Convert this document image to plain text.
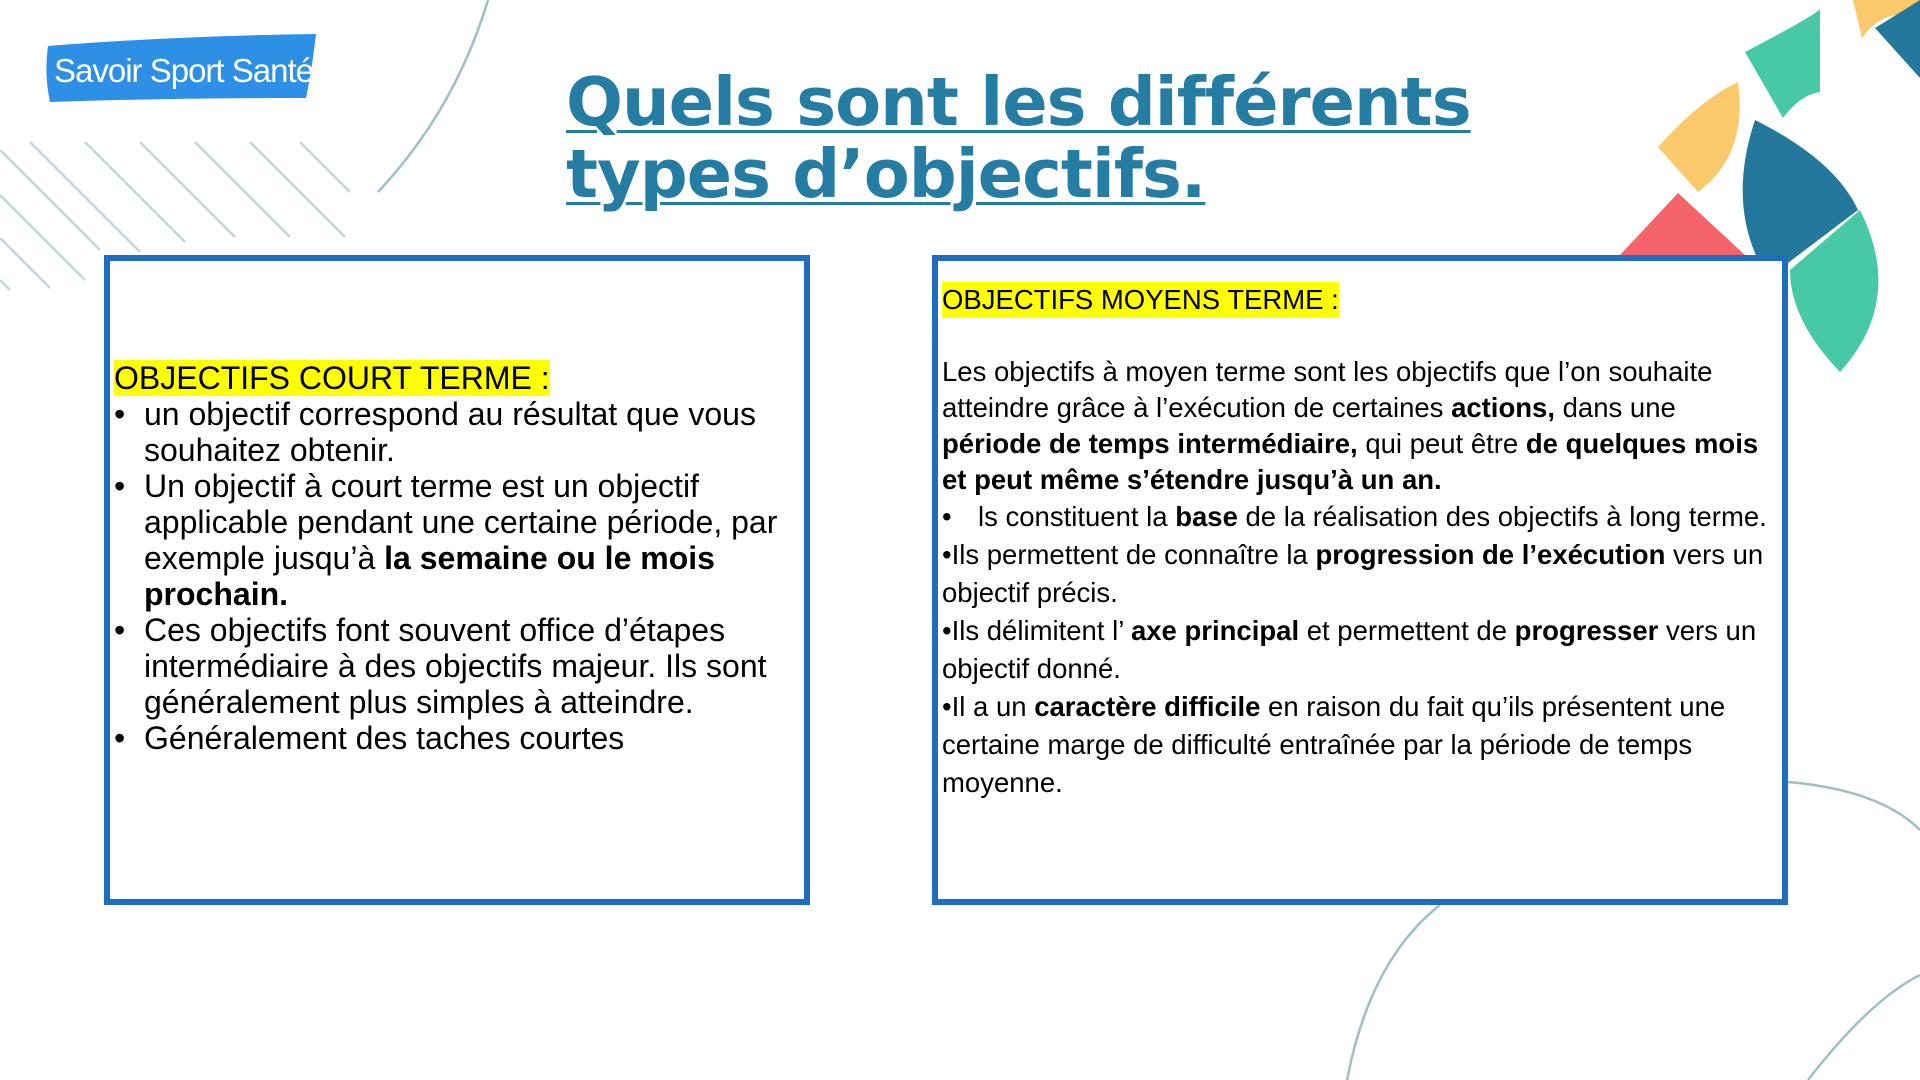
Savoir Sport Santé	Quels sont les différents
types d’objectifs.
OBJECTIFS COURT TERME :
• un objectif correspond au résultat que vous souhaitez obtenir.
• Un objectif à court terme est un objectif applicable pendant une certaine période, par exemple jusqu’à la semaine ou le mois prochain.
• Ces objectifs font souvent office d’étapes intermédiaire à des objectifs majeur. Ils sont généralement plus simples à atteindre.
• Généralement des taches courtes
OBJECTIFS MOYENS TERME :

Les objectifs à moyen terme sont les objectifs que l’on souhaite atteindre grâce à l’exécution de certaines actions, dans une période de temps intermédiaire, qui peut être de quelques mois et peut même s’étendre jusqu’à un an.

• ls constituent la base de la réalisation des objectifs à long terme.

•Ils permettent de connaître la progression de l’exécution vers un objectif précis.

•Ils délimitent l’ axe principal et permettent de progresser vers un objectif donné.

•Il a un caractère difficile en raison du fait qu’ils présentent une certaine marge de difficulté entraînée par la période de temps moyenne.
